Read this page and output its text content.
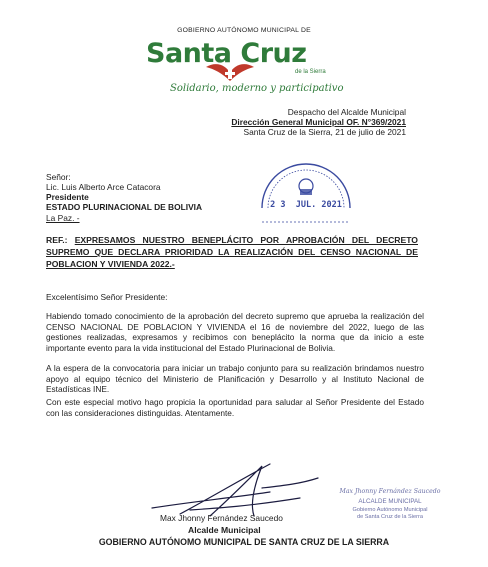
GOBIERNO AUTÓNOMO MUNICIPAL DE
Santa Cruz
de la Sierra
Solidario, moderno y participativo
Despacho del Alcalde Municipal
Dirección General Municipal OF. N°369/2021
Santa Cruz de la Sierra, 21 de julio de 2021
Señor:
Lic. Luis Alberto Arce Catacora
Presidente
ESTADO PLURINACIONAL DE BOLIVIA
La Paz. -
2 3  JUL. 2021
REF.: EXPRESAMOS NUESTRO BENEPLÁCITO POR APROBACIÓN DEL DECRETO SUPREMO QUE DECLARA PRIORIDAD LA REALIZACIÓN DEL CENSO NACIONAL DE POBLACION Y VIVIENDA 2022.-
Excelentísimo Señor Presidente:
Habiendo tomado conocimiento de la aprobación del decreto supremo que aprueba la realización del CENSO NACIONAL DE POBLACION Y VIVIENDA el 16 de noviembre del 2022, luego de las gestiones realizadas, expresamos y recibimos con beneplácito la norma que da inicio a este importante evento para la vida institucional del Estado Plurinacional de Bolivia.
A la espera de la convocatoria para iniciar un trabajo conjunto para su realización brindamos nuestro apoyo al equipo técnico del Ministerio de Planificación y Desarrollo y al Instituto Nacional de Estadísticas INE.
Con este especial motivo hago propicia la oportunidad para saludar al Señor Presidente del Estado con las consideraciones distinguidas. Atentamente.
Max Jhonny Fernández Saucedo
Alcalde Municipal
GOBIERNO AUTÓNOMO MUNICIPAL DE SANTA CRUZ DE LA SIERRA
Max Jhonny Fernández Saucedo
ALCALDE MUNICIPAL
Gobierno Autónomo Municipal
de Santa Cruz de la Sierra
